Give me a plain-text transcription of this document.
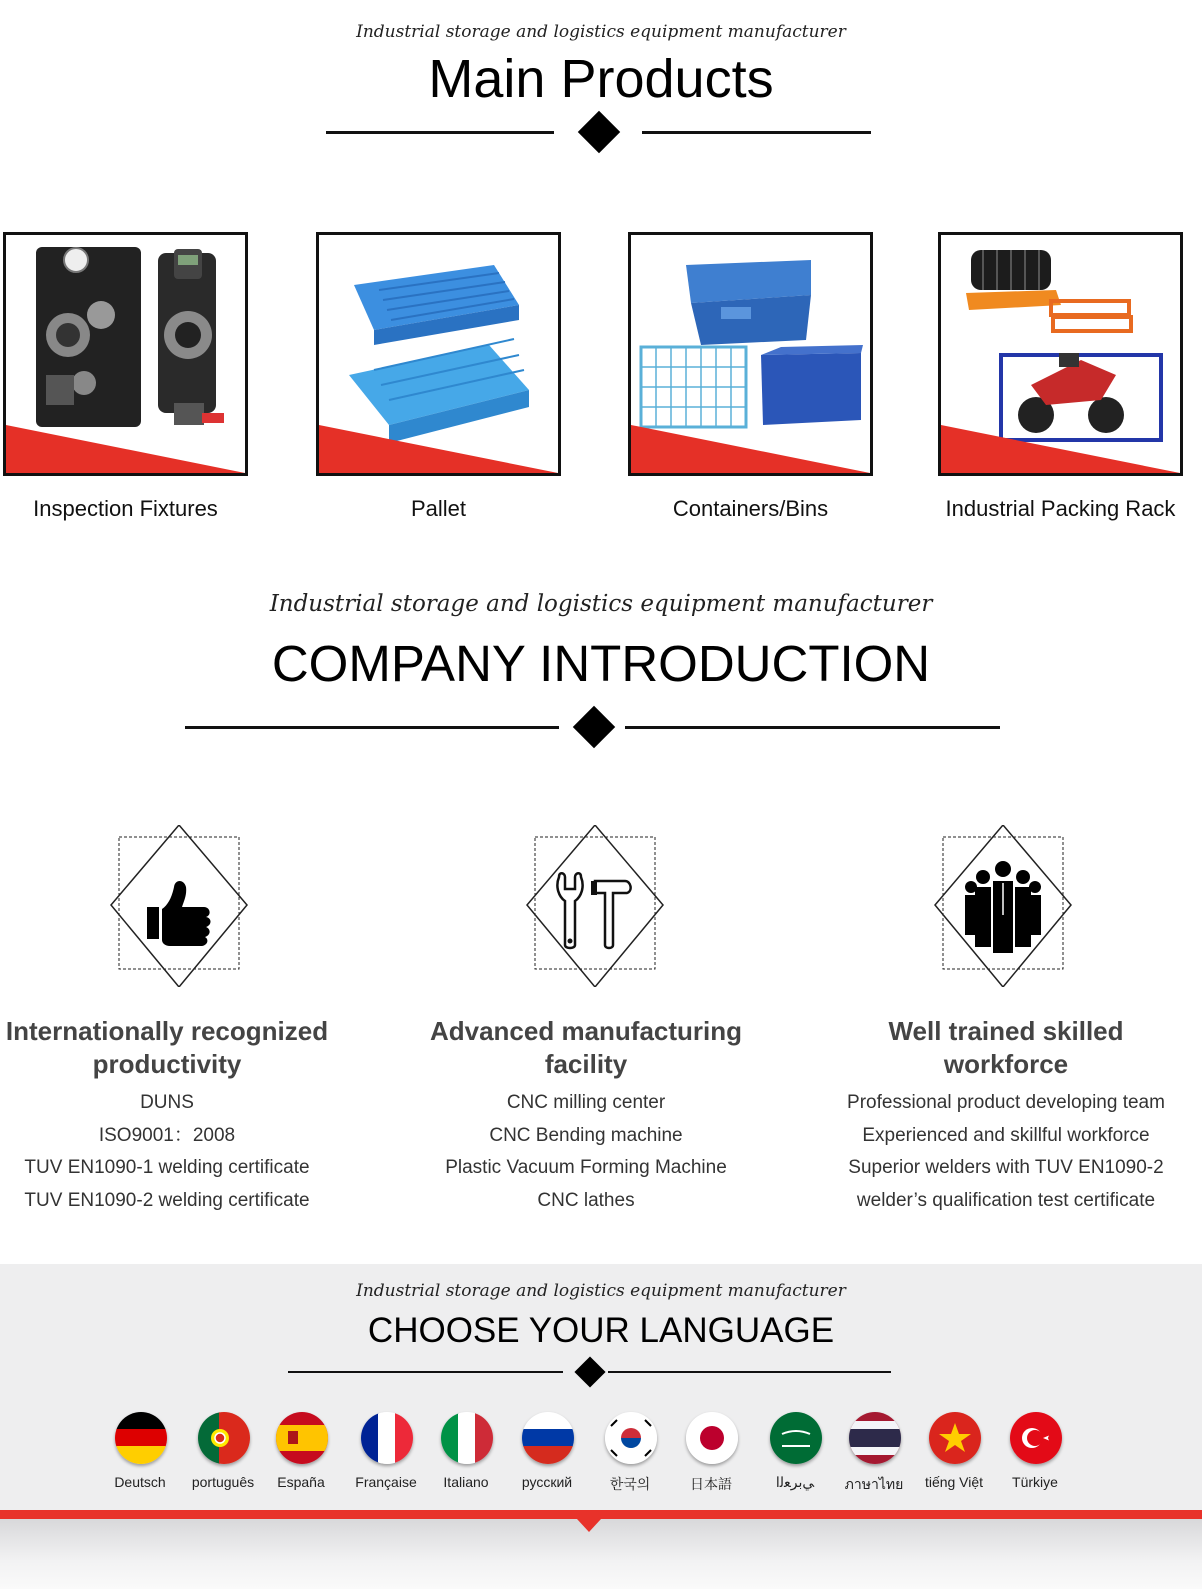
Industrial storage and logistics equipment manufacturer
Main Products
Inspection Fixtures	Pallet	Containers/Bins	Industrial Packing Rack
Industrial storage and logistics equipment manufacturer
COMPANY INTRODUCTION
Internationally recognized
productivity
DUNS
ISO9001：2008
TUV EN1090-1 welding certificate
TUV EN1090-2 welding certificate
Advanced manufacturing
facility
CNC milling center
CNC Bending machine
Plastic Vacuum Forming Machine
CNC lathes
Well trained skilled
workforce
Professional product developing team
Experienced and skillful workforce
Superior welders with TUV EN1090-2
welder’s qualification test certificate
Industrial storage and logistics equipment manufacturer
CHOOSE YOUR LANGUAGE
Deutsch	português	España	Française	Italiano	русский	한국의	日本語	ﻲﺑﺮﻌﻟا	ภาษาไทย	tiếng Việt	Türkiye
